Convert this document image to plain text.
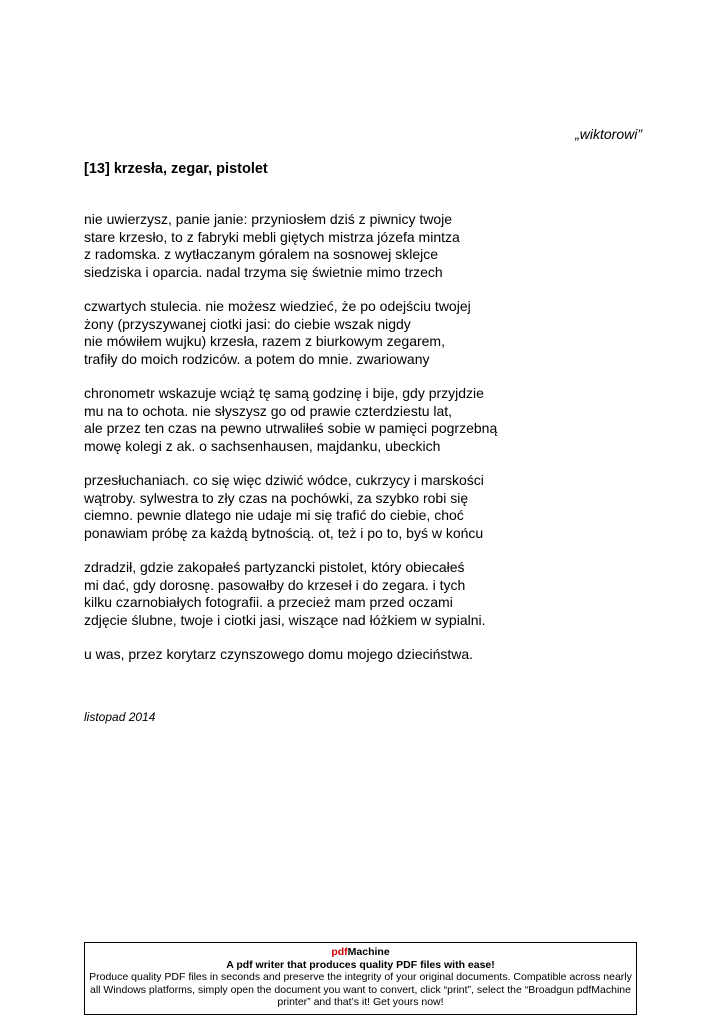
„wiktorowi”
[13] krzesła, zegar, pistolet
nie uwierzysz, panie janie: przyniosłem dziś z piwnicy twoje
stare krzesło, to z fabryki mebli giętych mistrza józefa mintza
z radomska. z wytłaczanym góralem na sosnowej sklejce
siedziska i oparcia. nadal trzyma się świetnie mimo trzech
czwartych stulecia. nie możesz wiedzieć, że po odejściu twojej
żony (przyszywanej ciotki jasi: do ciebie wszak nigdy
nie mówiłem wujku) krzesła, razem z biurkowym zegarem,
trafiły do moich rodziców. a potem do mnie. zwariowany
chronometr wskazuje wciąż tę samą godzinę i bije, gdy przyjdzie
mu na to ochota. nie słyszysz go od prawie czterdziestu lat,
ale przez ten czas na pewno utrwaliłeś sobie w pamięci pogrzebną
mowę kolegi z ak. o sachsenhausen, majdanku, ubeckich
przesłuchaniach. co się więc dziwić wódce, cukrzycy i marskości
wątroby. sylwestra to zły czas na pochówki, za szybko robi się
ciemno. pewnie dlatego nie udaje mi się trafić do ciebie, choć
ponawiam próbę za każdą bytnością. ot, też i po to, byś w końcu
zdradził, gdzie zakopałeś partyzancki pistolet, który obiecałeś
mi dać, gdy dorosnę. pasowałby do krzeseł i do zegara. i tych
kilku czarnobiałych fotografii. a przecież mam przed oczami
zdjęcie ślubne, twoje i ciotki jasi, wiszące nad łóżkiem w sypialni.
u was, przez korytarz czynszowego domu mojego dzieciństwa.
listopad 2014
pdfMachine
A pdf writer that produces quality PDF files with ease!
Produce quality PDF files in seconds and preserve the integrity of your original documents. Compatible across nearly all Windows platforms, simply open the document you want to convert, click “print”, select the “Broadgun pdfMachine printer” and that’s it! Get yours now!
